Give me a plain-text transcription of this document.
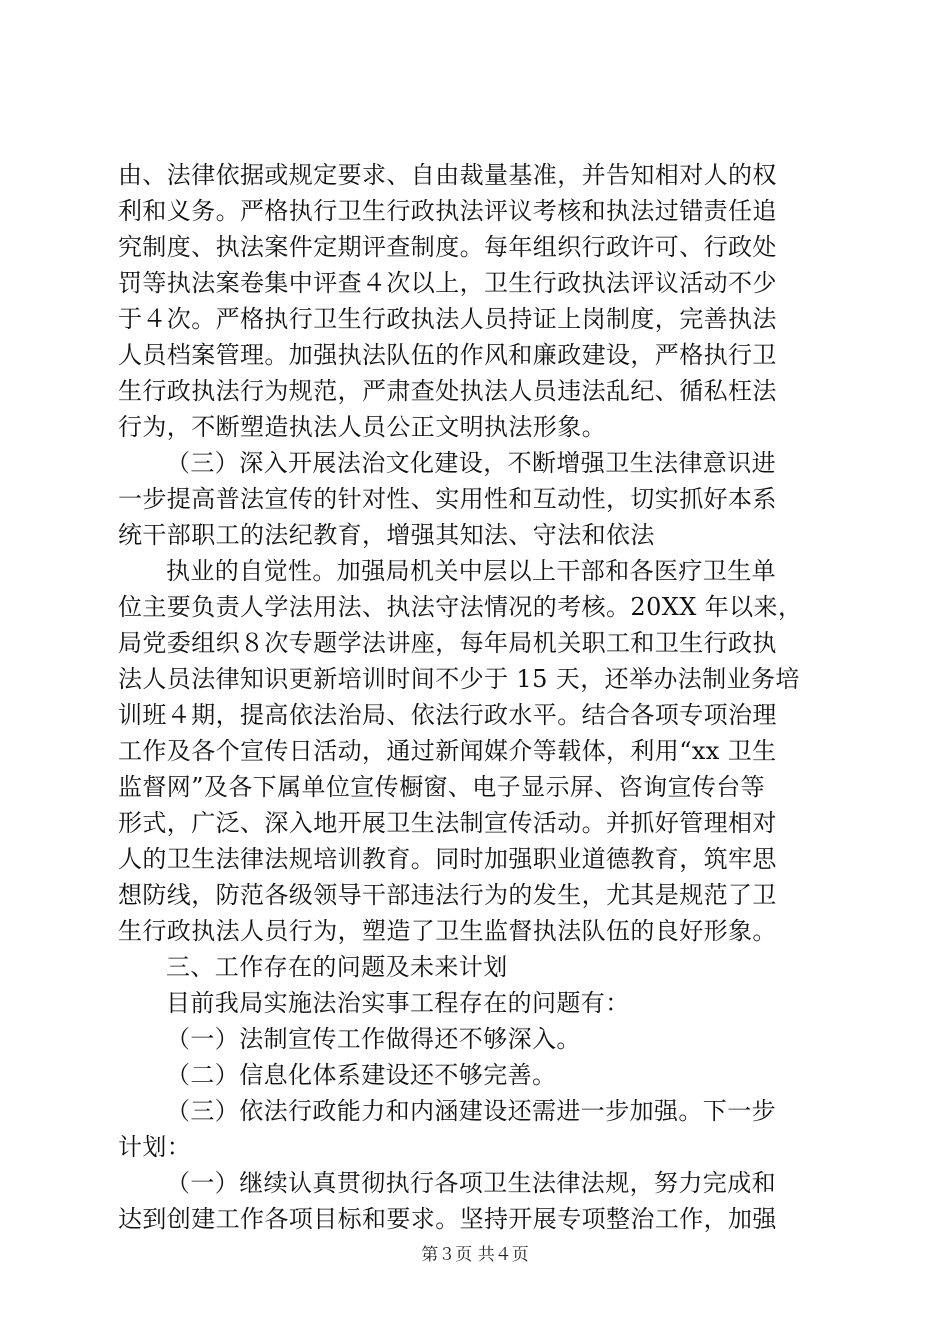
由、法律依据或规定要求、自由裁量基准，并告知相对人的权
利和义务。严格执行卫生行政执法评议考核和执法过错责任追
究制度、执法案件定期评查制度。每年组织行政许可、行政处
罚等执法案卷集中评查４次以上，卫生行政执法评议活动不少
于４次。严格执行卫生行政执法人员持证上岗制度，完善执法
人员档案管理。加强执法队伍的作风和廉政建设，严格执行卫
生行政执法行为规范，严肃查处执法人员违法乱纪、循私枉法
行为，不断塑造执法人员公正文明执法形象。
（三）深入开展法治文化建设，不断增强卫生法律意识进
一步提高普法宣传的针对性、实用性和互动性，切实抓好本系
统干部职工的法纪教育，增强其知法、守法和依法
执业的自觉性。加强局机关中层以上干部和各医疗卫生单
位主要负责人学法用法、执法守法情况的考核。20XX 年以来，
局党委组织８次专题学法讲座，每年局机关职工和卫生行政执
法人员法律知识更新培训时间不少于 15 天，还举办法制业务培
训班４期，提高依法治局、依法行政水平。结合各项专项治理
工作及各个宣传日活动，通过新闻媒介等载体，利用“xx 卫生
监督网”及各下属单位宣传橱窗、电子显示屏、咨询宣传台等
形式，广泛、深入地开展卫生法制宣传活动。并抓好管理相对
人的卫生法律法规培训教育。同时加强职业道德教育，筑牢思
想防线，防范各级领导干部违法行为的发生，尤其是规范了卫
生行政执法人员行为，塑造了卫生监督执法队伍的良好形象。
三、工作存在的问题及未来计划
目前我局实施法治实事工程存在的问题有：
（一）法制宣传工作做得还不够深入。
（二）信息化体系建设还不够完善。
（三）依法行政能力和内涵建设还需进一步加强。下一步
计划：
（一）继续认真贯彻执行各项卫生法律法规，努力完成和
达到创建工作各项目标和要求。坚持开展专项整治工作，加强
第３页 共４页
